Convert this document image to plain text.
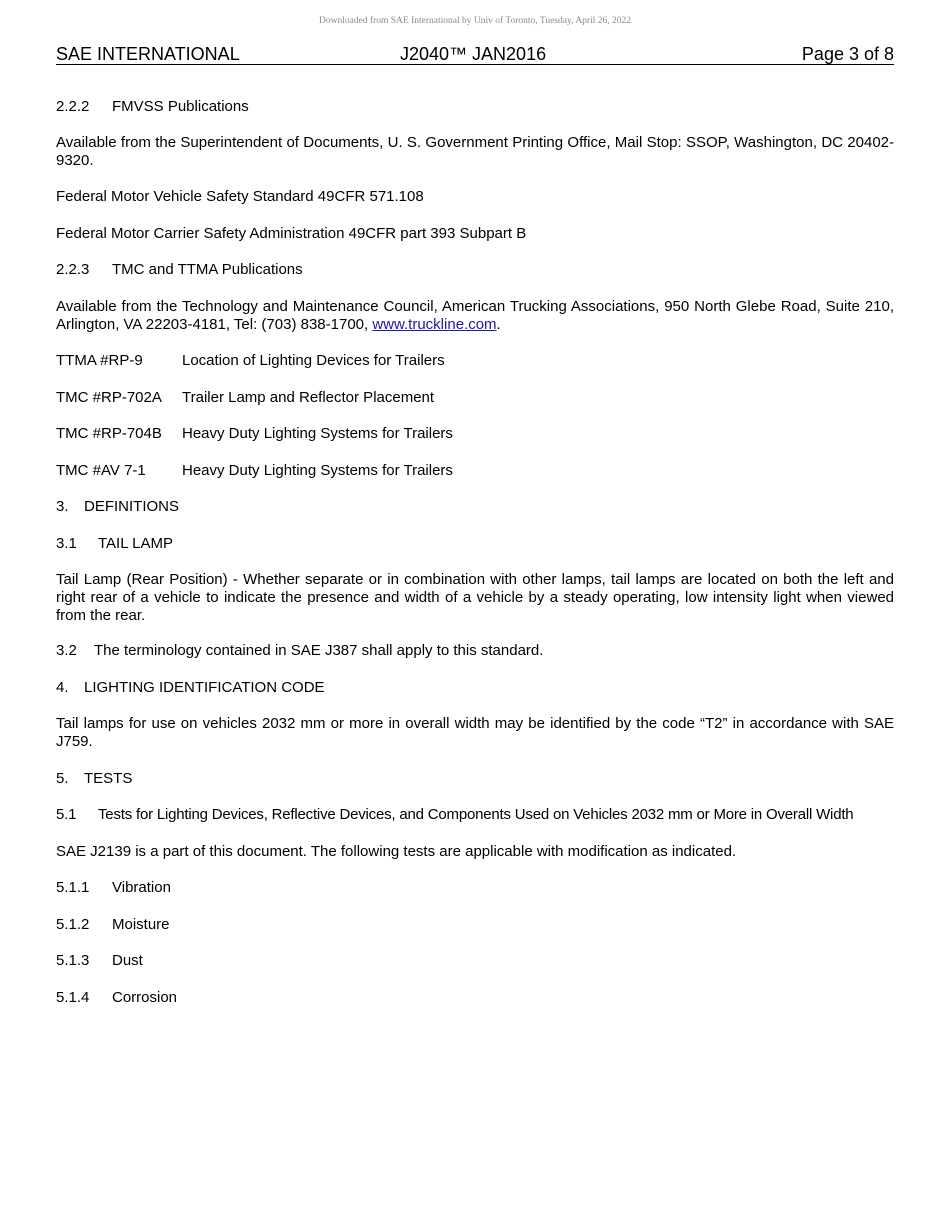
Downloaded from SAE International by Univ of Toronto, Tuesday, April 26, 2022
SAE INTERNATIONAL	J2040™ JAN2016	Page 3 of 8
2.2.2 FMVSS Publications
Available from the Superintendent of Documents, U. S. Government Printing Office, Mail Stop: SSOP, Washington, DC 20402-9320.
Federal Motor Vehicle Safety Standard 49CFR 571.108
Federal Motor Carrier Safety Administration 49CFR part 393 Subpart B
2.2.3 TMC and TTMA Publications
Available from the Technology and Maintenance Council, American Trucking Associations, 950 North Glebe Road, Suite 210, Arlington, VA 22203-4181, Tel: (703) 838-1700, www.truckline.com.
TTMA #RP-9	Location of Lighting Devices for Trailers
TMC #RP-702A Trailer Lamp and Reflector Placement
TMC #RP-704B Heavy Duty Lighting Systems for Trailers
TMC #AV 7-1 Heavy Duty Lighting Systems for Trailers
3. DEFINITIONS
3.1 TAIL LAMP
Tail Lamp (Rear Position) - Whether separate or in combination with other lamps, tail lamps are located on both the left and right rear of a vehicle to indicate the presence and width of a vehicle by a steady operating, low intensity light when viewed from the rear.
3.2 The terminology contained in SAE J387 shall apply to this standard.
4. LIGHTING IDENTIFICATION CODE
Tail lamps for use on vehicles 2032 mm or more in overall width may be identified by the code “T2” in accordance with SAE J759.
5. TESTS
5.1 Tests for Lighting Devices, Reflective Devices, and Components Used on Vehicles 2032 mm or More in Overall Width
SAE J2139 is a part of this document. The following tests are applicable with modification as indicated.
5.1.1 Vibration
5.1.2 Moisture
5.1.3 Dust
5.1.4 Corrosion
